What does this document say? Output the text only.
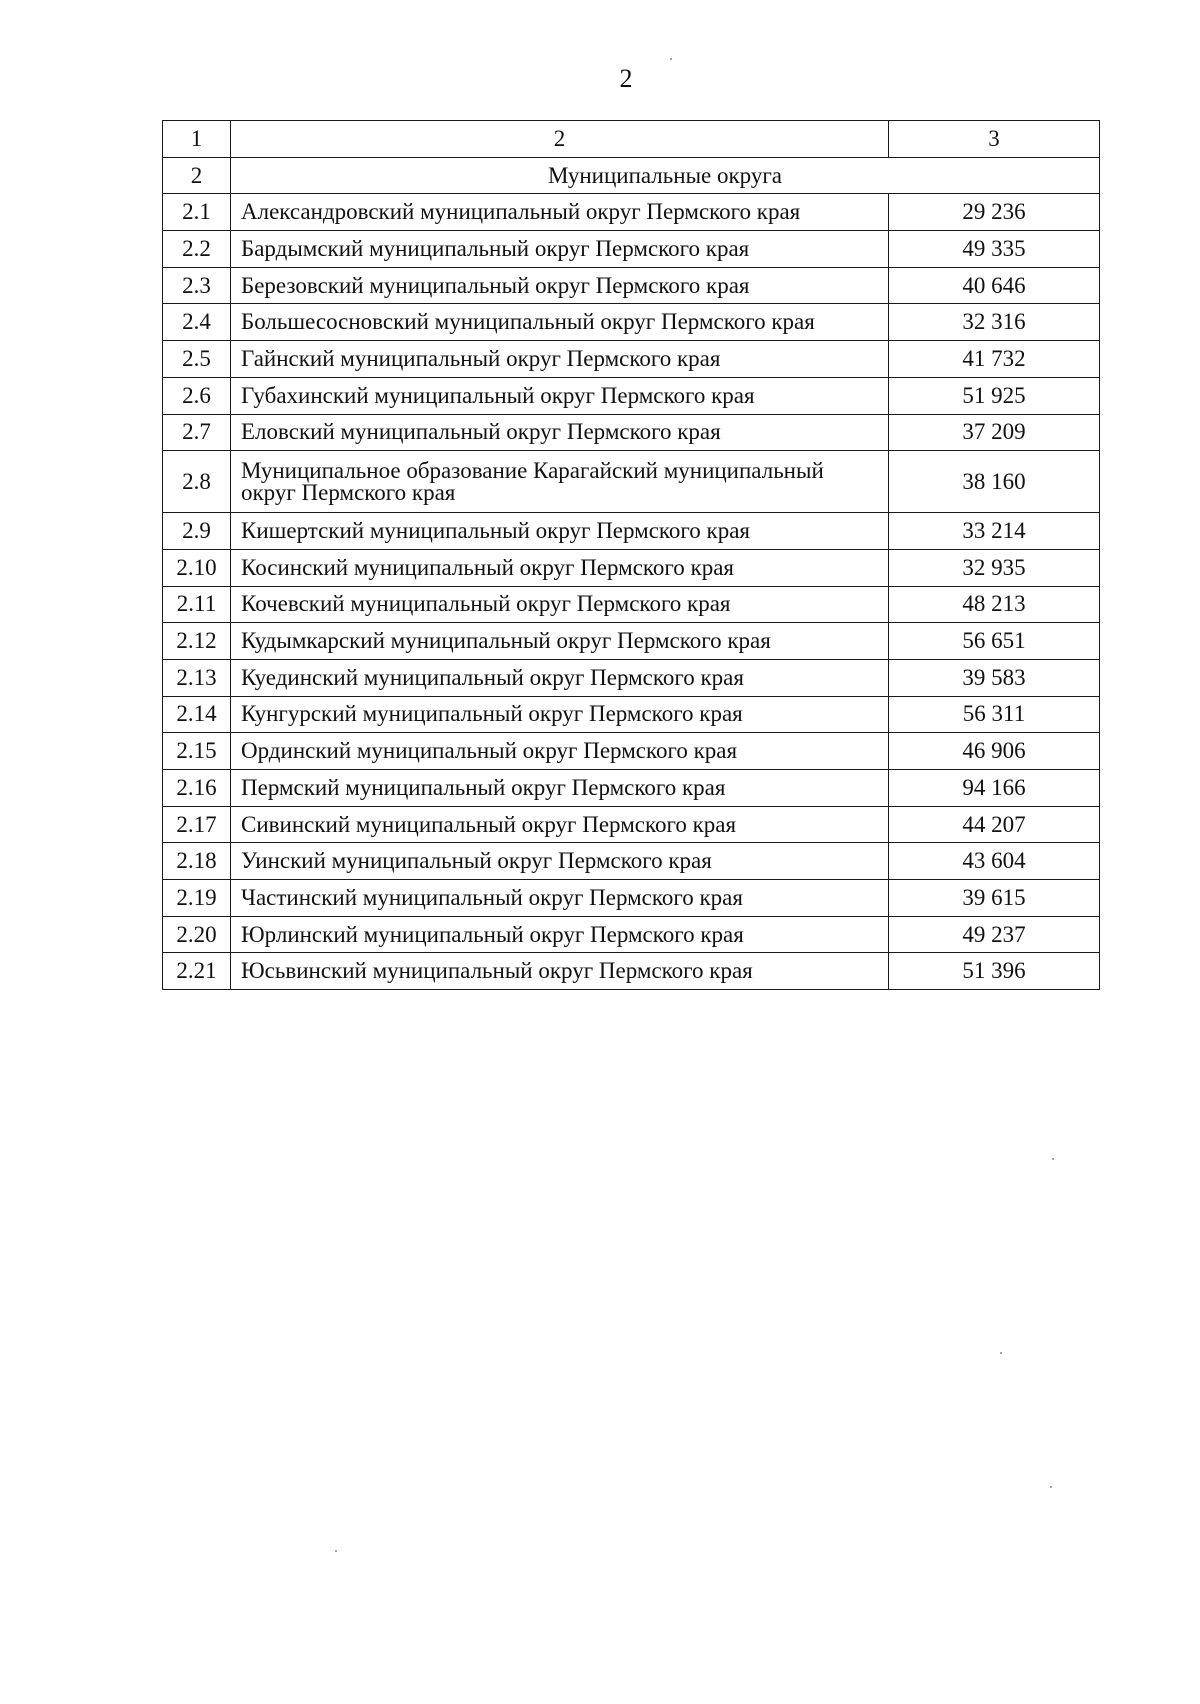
2
1	2	3
2	Муниципальные округа	
2.1	Александровский муниципальный округ Пермского края	29 236
2.2	Бардымский муниципальный округ Пермского края	49 335
2.3	Березовский муниципальный округ Пермского края	40 646
2.4	Большесосновский муниципальный округ Пермского края	32 316
2.5	Гайнский муниципальный округ Пермского края	41 732
2.6	Губахинский муниципальный округ Пермского края	51 925
2.7	Еловский муниципальный округ Пермского края	37 209
2.8	Муниципальное образование Карагайский муниципальный округ Пермского края	38 160
2.9	Кишертский муниципальный округ Пермского края	33 214
2.10	Косинский муниципальный округ Пермского края	32 935
2.11	Кочевский муниципальный округ Пермского края	48 213
2.12	Кудымкарский муниципальный округ Пермского края	56 651
2.13	Куединский муниципальный округ Пермского края	39 583
2.14	Кунгурский муниципальный округ Пермского края	56 311
2.15	Ординский муниципальный округ Пермского края	46 906
2.16	Пермский муниципальный округ Пермского края	94 166
2.17	Сивинский муниципальный округ Пермского края	44 207
2.18	Уинский муниципальный округ Пермского края	43 604
2.19	Частинский муниципальный округ Пермского края	39 615
2.20	Юрлинский муниципальный округ Пермского края	49 237
2.21	Юсьвинский муниципальный округ Пермского края	51 396
